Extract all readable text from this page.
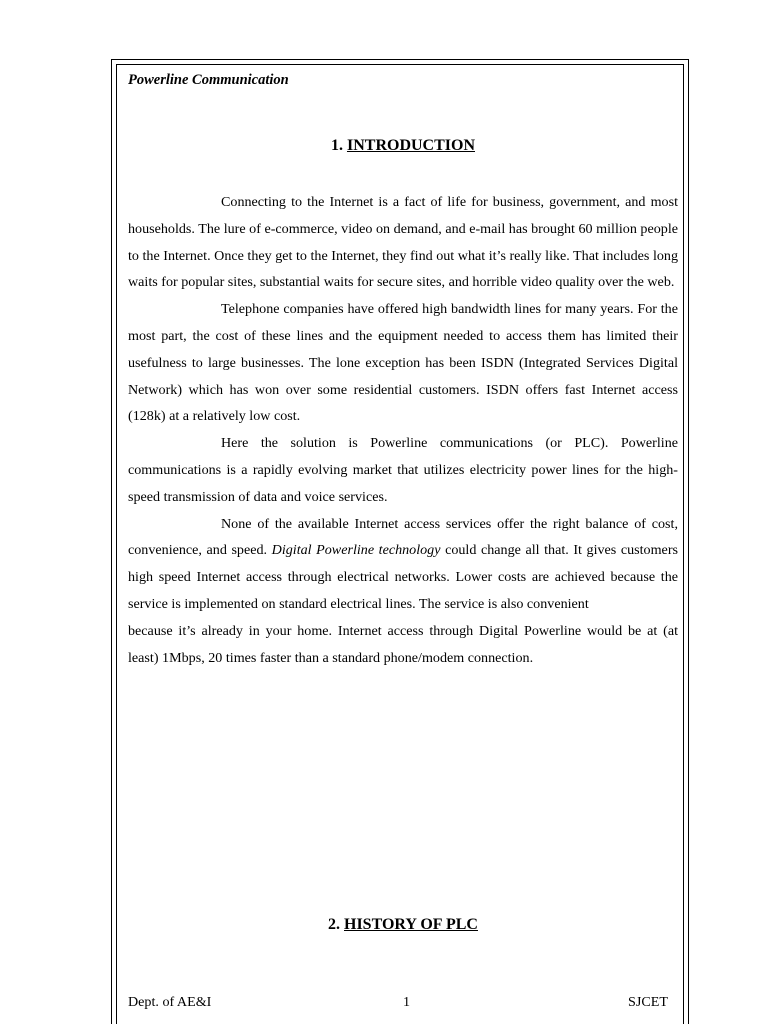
Powerline Communication
1. INTRODUCTION

Connecting to the Internet is a fact of life for business, government, and most households. The lure of e-commerce, video on demand, and e-mail has brought 60 million people to the Internet. Once they get to the Internet, they find out what it’s really like. That includes long waits for popular sites, substantial waits for secure sites, and horrible video quality over the web.

Telephone companies have offered high bandwidth lines for many years. For the most part, the cost of these lines and the equipment needed to access them has limited their usefulness to large businesses. The lone exception has been ISDN (Integrated Services Digital Network) which has won over some residential customers. ISDN offers fast Internet access (128k) at a relatively low cost.

Here the solution is Powerline communications (or PLC). Powerline communications is a rapidly evolving market that utilizes electricity power lines for the high-speed transmission of data and voice services.

None of the available Internet access services offer the right balance of cost, convenience, and speed. Digital Powerline technology could change all that. It gives customers high speed Internet access through electrical networks. Lower costs are achieved because the service is implemented on standard electrical lines. The service is also convenient

because it’s already in your home. Internet access through Digital Powerline would be at (at least) 1Mbps, 20 times faster than a standard phone/modem connection.

2. HISTORY OF PLC
Dept. of AE&I	1	SJCET
